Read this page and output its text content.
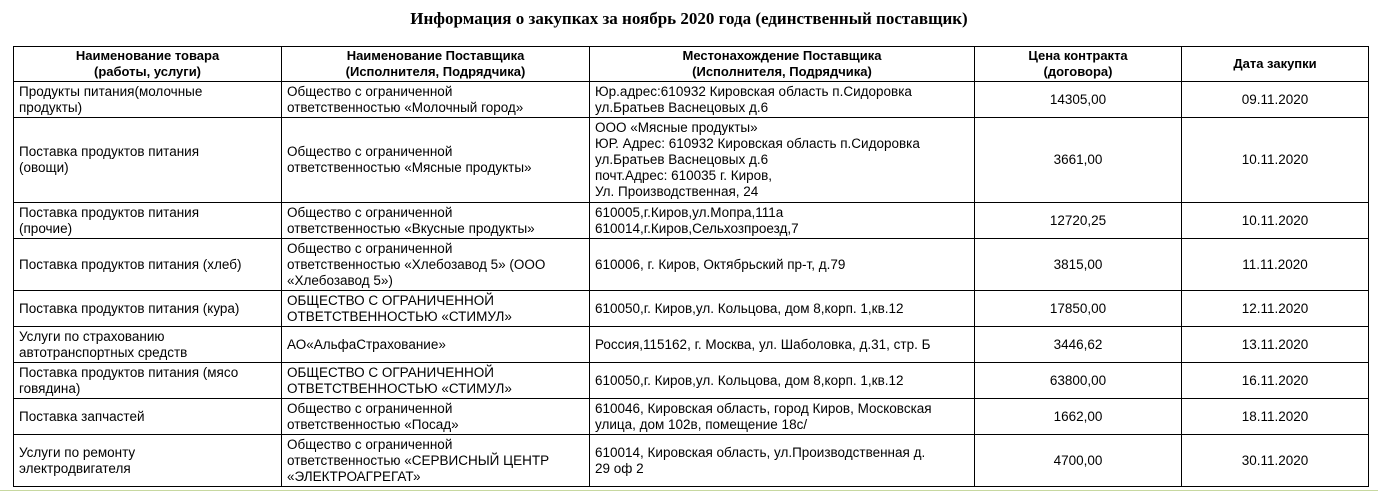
Информация о закупках за ноябрь 2020 года (единственный поставщик)
Наименование товара
(работы, услуги)	Наименование Поставщика
(Исполнителя, Подрядчика)	Местонахождение Поставщика
(Исполнителя, Подрядчика)	Цена контракта
(договора)	Дата закупки
Продукты питания(молочные
продукты)	Общество с ограниченной
ответственностью «Молочный город»	Юр.адрес:610932 Кировская область п.Сидоровка
ул.Братьев Васнецовых д.6	14305,00	09.11.2020
Поставка продуктов питания
(овощи)	Общество с ограниченной
ответственностью «Мясные продукты»	ООО «Мясные продукты»
ЮР. Адрес: 610932 Кировская область п.Сидоровка
ул.Братьев Васнецовых д.6
почт.Адрес: 610035 г. Киров,
Ул. Производственная, 24	3661,00	10.11.2020
Поставка продуктов питания
(прочие)	Общество с ограниченной
ответственностью «Вкусные продукты»	610005,г.Киров,ул.Мопра,111а
610014,г.Киров,Сельхозпроезд,7	12720,25	10.11.2020
Поставка продуктов питания (хлеб)	Общество с ограниченной
ответственностью «Хлебозавод 5» (ООО
«Хлебозавод 5»)	610006, г. Киров, Октябрьский пр-т, д.79	3815,00	11.11.2020
Поставка продуктов питания (кура)	ОБЩЕСТВО С ОГРАНИЧЕННОЙ
ОТВЕТСТВЕННОСТЬЮ «СТИМУЛ»	610050,г. Киров,ул. Кольцова, дом 8,корп. 1,кв.12	17850,00	12.11.2020
Услуги по страхованию
автотранспортных средств	АО«АльфаСтрахование»	Россия,115162, г. Москва, ул. Шаболовка, д.31, стр. Б	3446,62	13.11.2020
Поставка продуктов питания (мясо
говядина)	ОБЩЕСТВО С ОГРАНИЧЕННОЙ
ОТВЕТСТВЕННОСТЬЮ «СТИМУЛ»	610050,г. Киров,ул. Кольцова, дом 8,корп. 1,кв.12	63800,00	16.11.2020
Поставка запчастей	Общество с ограниченной
ответственностью «Посад»	610046, Кировская область, город Киров, Московская
улица, дом 102в, помещение 18с/	1662,00	18.11.2020
Услуги по ремонту
электродвигателя	Общество с ограниченной
ответственностью «СЕРВИСНЫЙ ЦЕНТР
«ЭЛЕКТРОАГРЕГАТ»	610014, Кировская область, ул.Производственная д.
29 оф 2	4700,00	30.11.2020
